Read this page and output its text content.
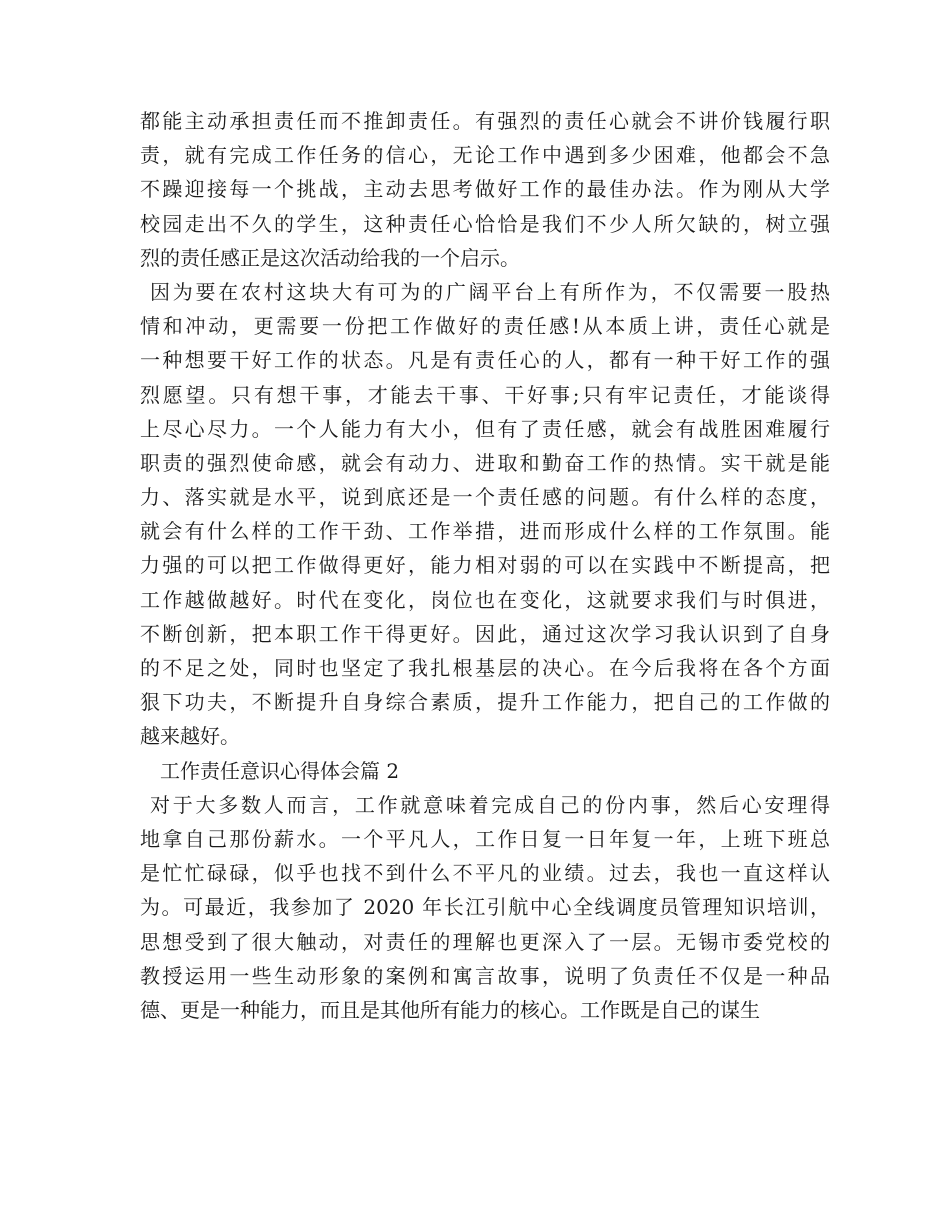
都能主动承担责任而不推卸责任。有强烈的责任心就会不讲价钱履行职
责，就有完成工作任务的信心，无论工作中遇到多少困难，他都会不急
不躁迎接每一个挑战，主动去思考做好工作的最佳办法。作为刚从大学
校园走出不久的学生，这种责任心恰恰是我们不少人所欠缺的，树立强
烈的责任感正是这次活动给我的一个启示。
因为要在农村这块大有可为的广阔平台上有所作为，不仅需要一股热
情和冲动，更需要一份把工作做好的责任感!从本质上讲，责任心就是
一种想要干好工作的状态。凡是有责任心的人，都有一种干好工作的强
烈愿望。只有想干事，才能去干事、干好事;只有牢记责任，才能谈得
上尽心尽力。一个人能力有大小，但有了责任感，就会有战胜困难履行
职责的强烈使命感，就会有动力、进取和勤奋工作的热情。实干就是能
力、落实就是水平，说到底还是一个责任感的问题。有什么样的态度，
就会有什么样的工作干劲、工作举措，进而形成什么样的工作氛围。能
力强的可以把工作做得更好，能力相对弱的可以在实践中不断提高，把
工作越做越好。时代在变化，岗位也在变化，这就要求我们与时俱进，
不断创新，把本职工作干得更好。因此，通过这次学习我认识到了自身
的不足之处，同时也坚定了我扎根基层的决心。在今后我将在各个方面
狠下功夫，不断提升自身综合素质，提升工作能力，把自己的工作做的
越来越好。
工作责任意识心得体会篇 2
对于大多数人而言，工作就意味着完成自己的份内事，然后心安理得
地拿自己那份薪水。一个平凡人，工作日复一日年复一年，上班下班总
是忙忙碌碌，似乎也找不到什么不平凡的业绩。过去，我也一直这样认
为。可最近，我参加了 2020 年长江引航中心全线调度员管理知识培训，
思想受到了很大触动，对责任的理解也更深入了一层。无锡市委党校的
教授运用一些生动形象的案例和寓言故事，说明了负责任不仅是一种品
德、更是一种能力，而且是其他所有能力的核心。工作既是自己的谋生
